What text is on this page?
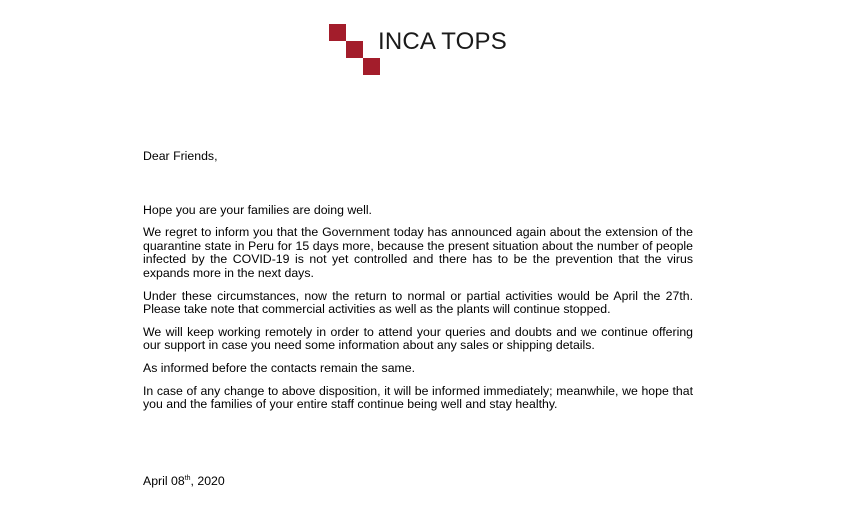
INCA TOPS

Dear Friends,

Hope you are your families are doing well.

We regret to inform you that the Government today has announced again about the extension of the quarantine state in Peru for 15 days more, because the present situation about the number of people infected by the COVID-19 is not yet controlled and there has to be the prevention that the virus expands more in the next days.

Under these circumstances, now the return to normal or partial activities would be April the 27th. Please take note that commercial activities as well as the plants will continue stopped.

We will keep working remotely in order to attend your queries and doubts and we continue offering our support in case you need some information about any sales or shipping details.

As informed before the contacts remain the same.

In case of any change to above disposition, it will be informed immediately; meanwhile, we hope that you and the families of your entire staff continue being well and stay healthy.

April 08th, 2020
